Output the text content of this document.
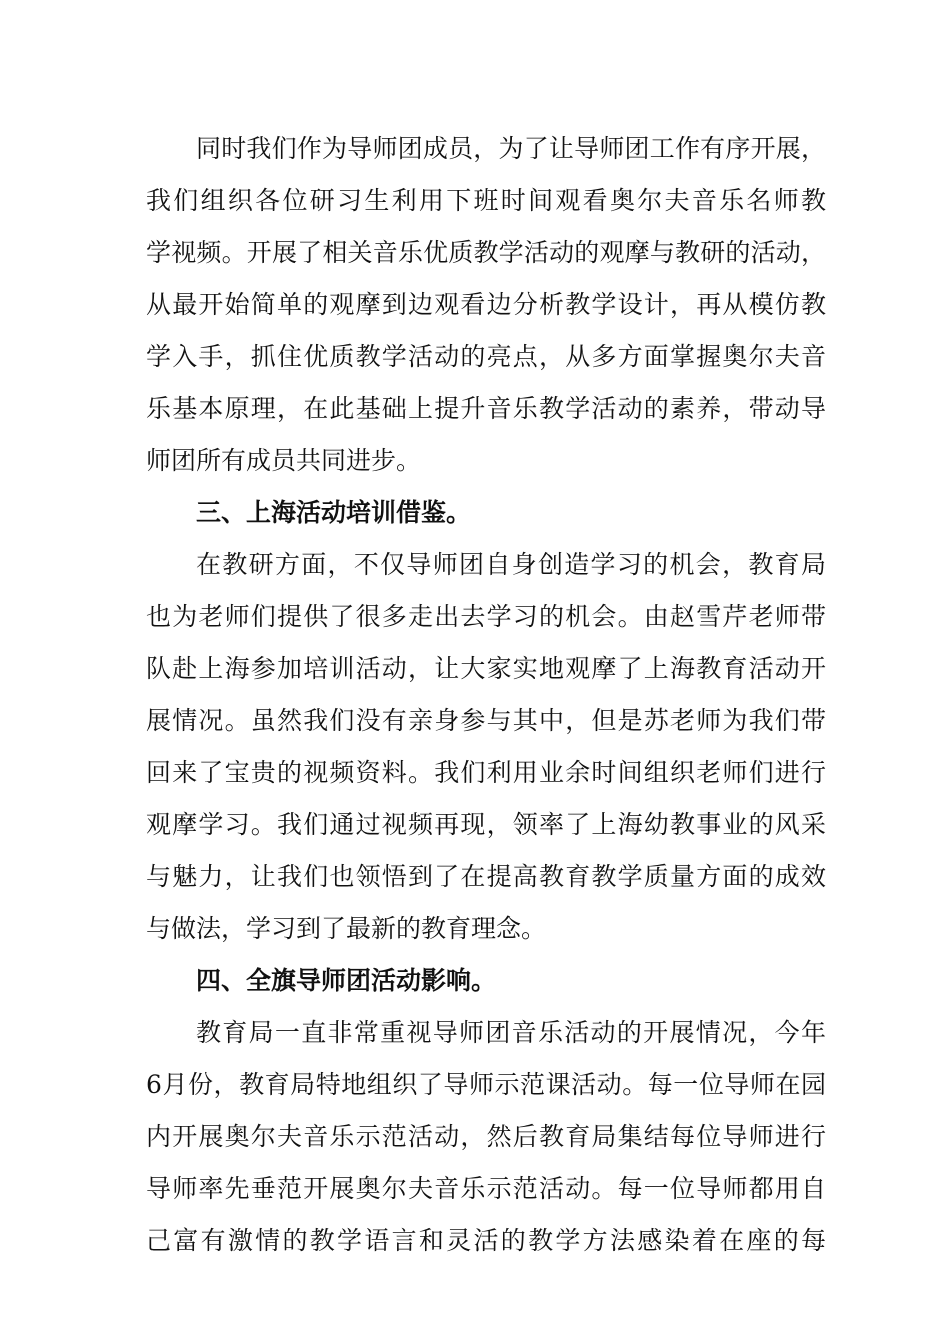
同时我们作为导师团成员，为了让导师团工作有序开展，
我们组织各位研习生利用下班时间观看奥尔夫音乐名师教
学视频。开展了相关音乐优质教学活动的观摩与教研的活动，
从最开始简单的观摩到边观看边分析教学设计，再从模仿教
学入手，抓住优质教学活动的亮点，从多方面掌握奥尔夫音
乐基本原理，在此基础上提升音乐教学活动的素养，带动导
师团所有成员共同进步。
三、上海活动培训借鉴。
在教研方面，不仅导师团自身创造学习的机会，教育局
也为老师们提供了很多走出去学习的机会。由赵雪芹老师带
队赴上海参加培训活动，让大家实地观摩了上海教育活动开
展情况。虽然我们没有亲身参与其中，但是苏老师为我们带
回来了宝贵的视频资料。我们利用业余时间组织老师们进行
观摩学习。我们通过视频再现，领率了上海幼教事业的风采
与魅力，让我们也领悟到了在提高教育教学质量方面的成效
与做法，学习到了最新的教育理念。
四、全旗导师团活动影响。
教育局一直非常重视导师团音乐活动的开展情况，今年
6月份，教育局特地组织了导师示范课活动。每一位导师在园
内开展奥尔夫音乐示范活动，然后教育局集结每位导师进行
导师率先垂范开展奥尔夫音乐示范活动。每一位导师都用自
己富有激情的教学语言和灵活的教学方法感染着在座的每
